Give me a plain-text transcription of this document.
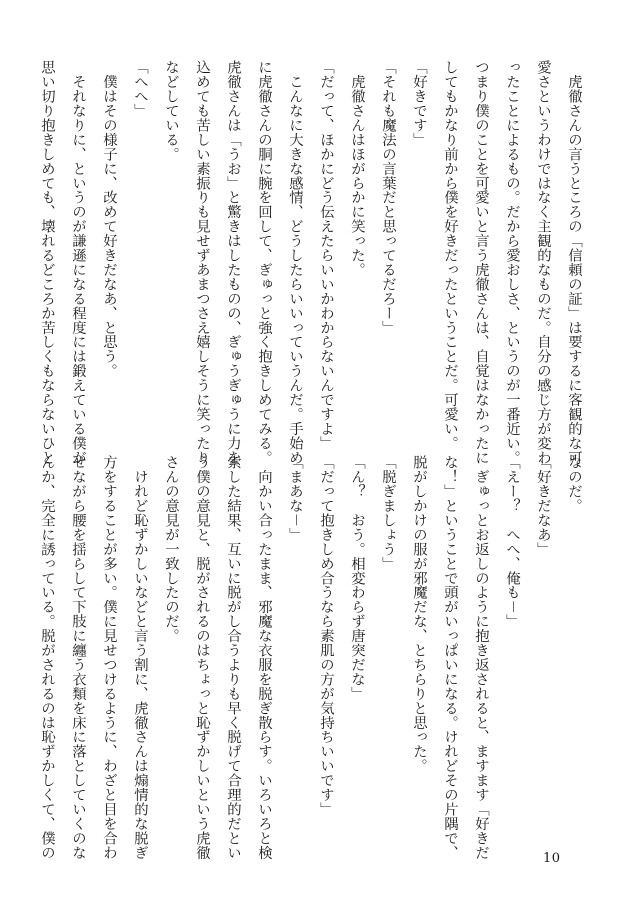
　虎徹さんの言うところの「信頼の証」は要するに客観的な可

愛さというわけではなく主観的なものだ。自分の感じ方が変わ

ったことによるもの。だから愛おしさ、というのが一番近い。

つまり僕のことを可愛いと言う虎徹さんは、自覚はなかったに

してもかなり前から僕を好きだったということだ。可愛い。

「好きです」

「それも魔法の言葉だと思ってるだろー」

　虎徹さんはほがらかに笑った。

「だって、ほかにどう伝えたらいいかわからないんですよ」

　こんなに大きな感情、どうしたらいいっていうんだ。手始め

に虎徹さんの胴に腕を回して、ぎゅっと強く抱きしめてみる。

虎徹さんは「うお」と驚きはしたものの、ぎゅうぎゅうに力を

込めても苦しい素振りも見せずあまつさえ嬉しそうに笑ったり

などしている。

「へへ」

　僕はその様子に、改めて好きだなあ、と思う。

　それなりに、というのが謙遜になる程度には鍛えている僕が

思い切り抱きしめても、壊れるどころか苦しくもならないひと

なのだ。

「好きだなあ」

「えー？　へへ、俺も－」

　ぎゅっとお返しのように抱き返されると、ますます「好きだ

な！」ということで頭がいっぱいになる。けれどその片隅で、

脱がしかけの服が邪魔だな、とちらりと思った。

「脱ぎましょう」

「ん？　おう。相変わらず唐突だな」

「だって抱きしめ合うなら素肌の方が気持ちいいです」

「まあな－」

　向かい合ったまま、邪魔な衣服を脱ぎ散らす。いろいろと検

索した結果、互いに脱がし合うよりも早く脱げて合理的だとい

う僕の意見と、脱がされるのはちょっと恥ずかしいという虎徹

さんの意見が一致したのだ。

　けれど恥ずかしいなどと言う割に、虎徹さんは煽情的な脱ぎ

方をすることが多い。僕に見せつけるように、わざと目を合わ

せながら腰を揺らして下肢に纏う衣類を床に落としていくのな

んか、完全に誘っている。脱がされるのは恥ずかしくて、僕の	10
